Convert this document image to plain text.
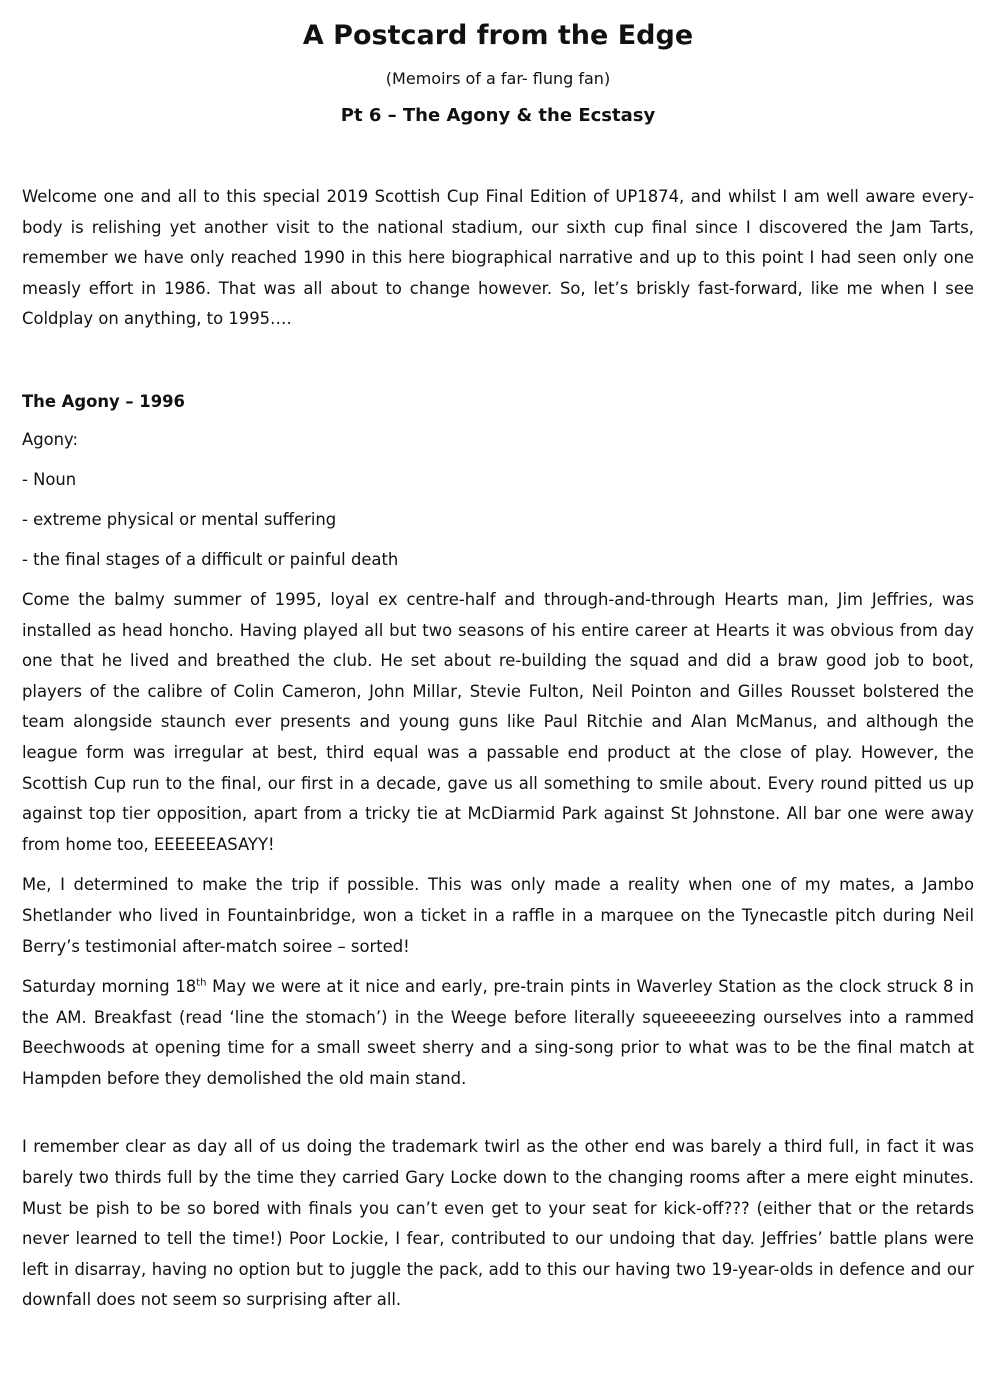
A Postcard from the Edge
(Memoirs of a far- flung fan)
Pt 6 – The Agony & the Ecstasy

Welcome one and all to this special 2019 Scottish Cup Final Edition of UP1874, and whilst I am well aware everybody is relishing yet another visit to the national stadium, our sixth cup final since I discovered the Jam Tarts, remember we have only reached 1990 in this here biographical narrative and up to this point I had seen only one measly effort in 1986. That was all about to change however. So, let’s briskly fast-forward, like me when I see Coldplay on anything, to 1995….

The Agony – 1996

Agony:

- Noun

- extreme physical or mental suffering

- the final stages of a difficult or painful death

Come the balmy summer of 1995, loyal ex centre-half and through-and-through Hearts man, Jim Jeffries, was installed as head honcho. Having played all but two seasons of his entire career at Hearts it was obvious from day one that he lived and breathed the club. He set about re-building the squad and did a braw good job to boot, players of the calibre of Colin Cameron, John Millar, Stevie Fulton, Neil Pointon and Gilles Rousset bolstered the team alongside staunch ever presents and young guns like Paul Ritchie and Alan McManus, and although the league form was irregular at best, third equal was a passable end product at the close of play. However, the Scottish Cup run to the final, our first in a decade, gave us all something to smile about. Every round pitted us up against top tier opposition, apart from a tricky tie at McDiarmid Park against St Johnstone. All bar one were away from home too, EEEEEEASAYY!

Me, I determined to make the trip if possible. This was only made a reality when one of my mates, a Jambo Shetlander who lived in Fountainbridge, won a ticket in a raffle in a marquee on the Tynecastle pitch during Neil Berry’s testimonial after-match soiree – sorted!

Saturday morning 18th May we were at it nice and early, pre-train pints in Waverley Station as the clock struck 8 in the AM. Breakfast (read ‘line the stomach’) in the Weege before literally squeeeeezing ourselves into a rammed Beechwoods at opening time for a small sweet sherry and a sing-song prior to what was to be the final match at Hampden before they demolished the old main stand.

I remember clear as day all of us doing the trademark twirl as the other end was barely a third full, in fact it was barely two thirds full by the time they carried Gary Locke down to the changing rooms after a mere eight minutes. Must be pish to be so bored with finals you can’t even get to your seat for kick-off??? (either that or the retards never learned to tell the time!) Poor Lockie, I fear, contributed to our undoing that day. Jeffries’ battle plans were left in disarray, having no option but to juggle the pack, add to this our having two 19-year-olds in defence and our downfall does not seem so surprising after all.
